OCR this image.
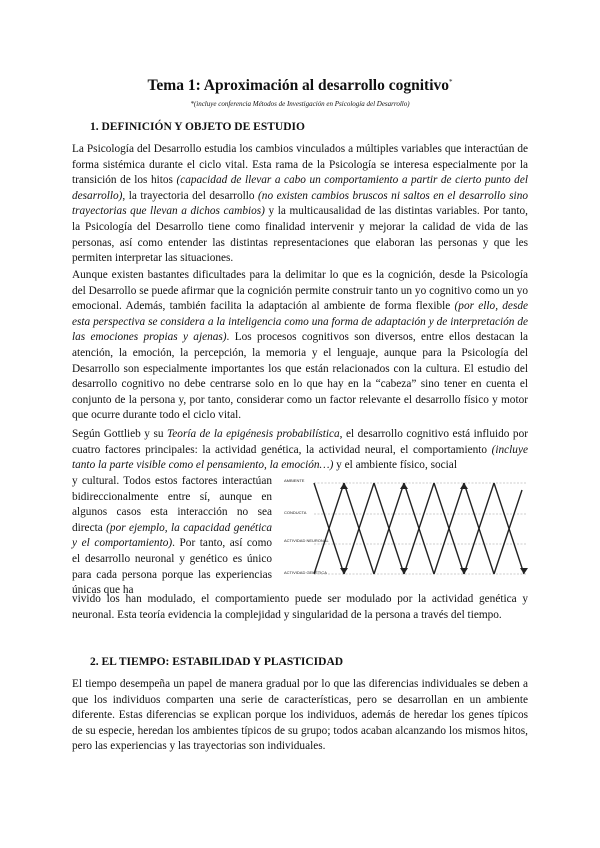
Tema 1: Aproximación al desarrollo cognitivo*
*(incluye conferencia Métodos de Investigación en Psicología del Desarrollo)
1. DEFINICIÓN Y OBJETO DE ESTUDIO

La Psicología del Desarrollo estudia los cambios vinculados a múltiples variables que interactúan de forma sistémica durante el ciclo vital. Esta rama de la Psicología se interesa especialmente por la transición de los hitos (capacidad de llevar a cabo un comportamiento a partir de cierto punto del desarrollo), la trayectoria del desarrollo (no existen cambios bruscos ni saltos en el desarrollo sino trayectorias que llevan a dichos cambios) y la multicausalidad de las distintas variables. Por tanto, la Psicología del Desarrollo tiene como finalidad intervenir y mejorar la calidad de vida de las personas, así como entender las distintas representaciones que elaboran las personas y que les permiten interpretar las situaciones.

Aunque existen bastantes dificultades para la delimitar lo que es la cognición, desde la Psicología del Desarrollo se puede afirmar que la cognición permite construir tanto un yo cognitivo como un yo emocional. Además, también facilita la adaptación al ambiente de forma flexible (por ello, desde esta perspectiva se considera a la inteligencia como una forma de adaptación y de interpretación de las emociones propias y ajenas). Los procesos cognitivos son diversos, entre ellos destacan la atención, la emoción, la percepción, la memoria y el lenguaje, aunque para la Psicología del Desarrollo son especialmente importantes los que están relacionados con la cultura. El estudio del desarrollo cognitivo no debe centrarse solo en lo que hay en la “cabeza” sino tener en cuenta el conjunto de la persona y, por tanto, considerar como un factor relevante el desarrollo físico y motor que ocurre durante todo el ciclo vital.

Según Gottlieb y su Teoría de la epigénesis probabilística, el desarrollo cognitivo está influido por cuatro factores principales: la actividad genética, la actividad neural, el comportamiento (incluye tanto la parte visible como el pensamiento, la emoción…) y el ambiente físico, social

y cultural. Todos estos factores interactúan bidireccionalmente entre sí, aunque en algunos casos esta interacción no sea directa (por ejemplo, la capacidad genética y el comportamiento). Por tanto, así como el desarrollo neuronal y genético es único para cada persona porque las experiencias únicas que ha

vivido los han modulado, el comportamiento puede ser modulado por la actividad genética y neuronal. Esta teoría evidencia la complejidad y singularidad de la persona a través del tiempo.

AMBIENTE
CONDUCTA
ACTIVIDAD NEURONAL
ACTIVIDAD GENÉTICA
2. EL TIEMPO: ESTABILIDAD Y PLASTICIDAD

El tiempo desempeña un papel de manera gradual por lo que las diferencias individuales se deben a que los individuos comparten una serie de características, pero se desarrollan en un ambiente diferente. Estas diferencias se explican porque los individuos, además de heredar los genes típicos de su especie, heredan los ambientes típicos de su grupo; todos acaban alcanzando los mismos hitos, pero las experiencias y las trayectorias son individuales.
